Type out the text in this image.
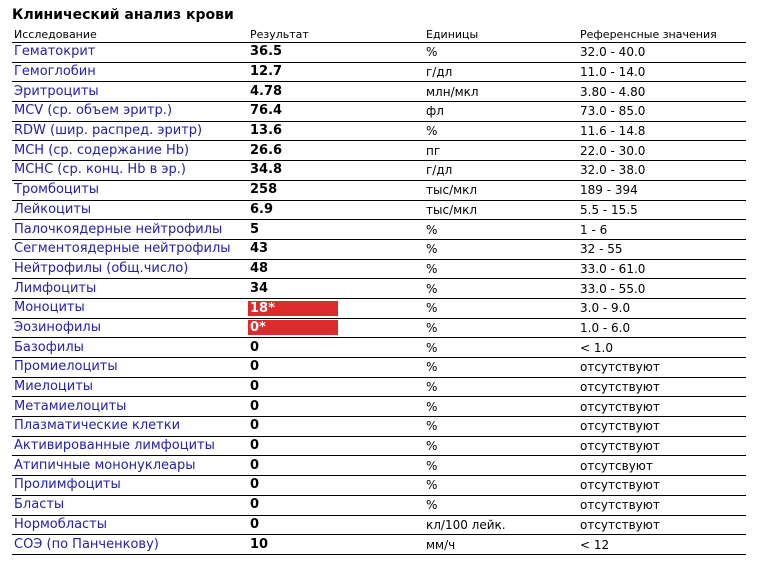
Клинический анализ крови
Исследование	Результат	Единицы	Референсные значения
Гематокрит	36.5	%	32.0 - 40.0
Гемоглобин	12.7	г/дл	11.0 - 14.0
Эритроциты	4.78	млн/мкл	3.80 - 4.80
MCV (ср. объем эритр.)	76.4	фл	73.0 - 85.0
RDW (шир. распред. эритр)	13.6	%	11.6 - 14.8
MCH (ср. содержание Hb)	26.6	пг	22.0 - 30.0
MCHC (ср. конц. Hb в эр.)	34.8	г/дл	32.0 - 38.0
Тромбоциты	258	тыс/мкл	189 - 394
Лейкоциты	6.9	тыс/мкл	5.5 - 15.5
Палочкоядерные нейтрофилы	5	%	1 - 6
Сегментоядерные нейтрофилы	43	%	32 - 55
Нейтрофилы (общ.число)	48	%	33.0 - 61.0
Лимфоциты	34	%	33.0 - 55.0
Моноциты	18*	%	3.0 - 9.0
Эозинофилы	0*	%	1.0 - 6.0
Базофилы	0	%	< 1.0
Промиелоциты	0	%	отсутствуют
Миелоциты	0	%	отсутствуют
Метамиелоциты	0	%	отсутствуют
Плазматические клетки	0	%	отсутствуют
Активированные лимфоциты	0	%	отсутствуют
Атипичные мононуклеары	0	%	отсутсвуют
Пролимфоциты	0	%	отсутствуют
Бласты	0	%	отсутствуют
Нормобласты	0	кл/100 лейк.	отсутствуют
СОЭ (по Панченкову)	10	мм/ч	< 12
